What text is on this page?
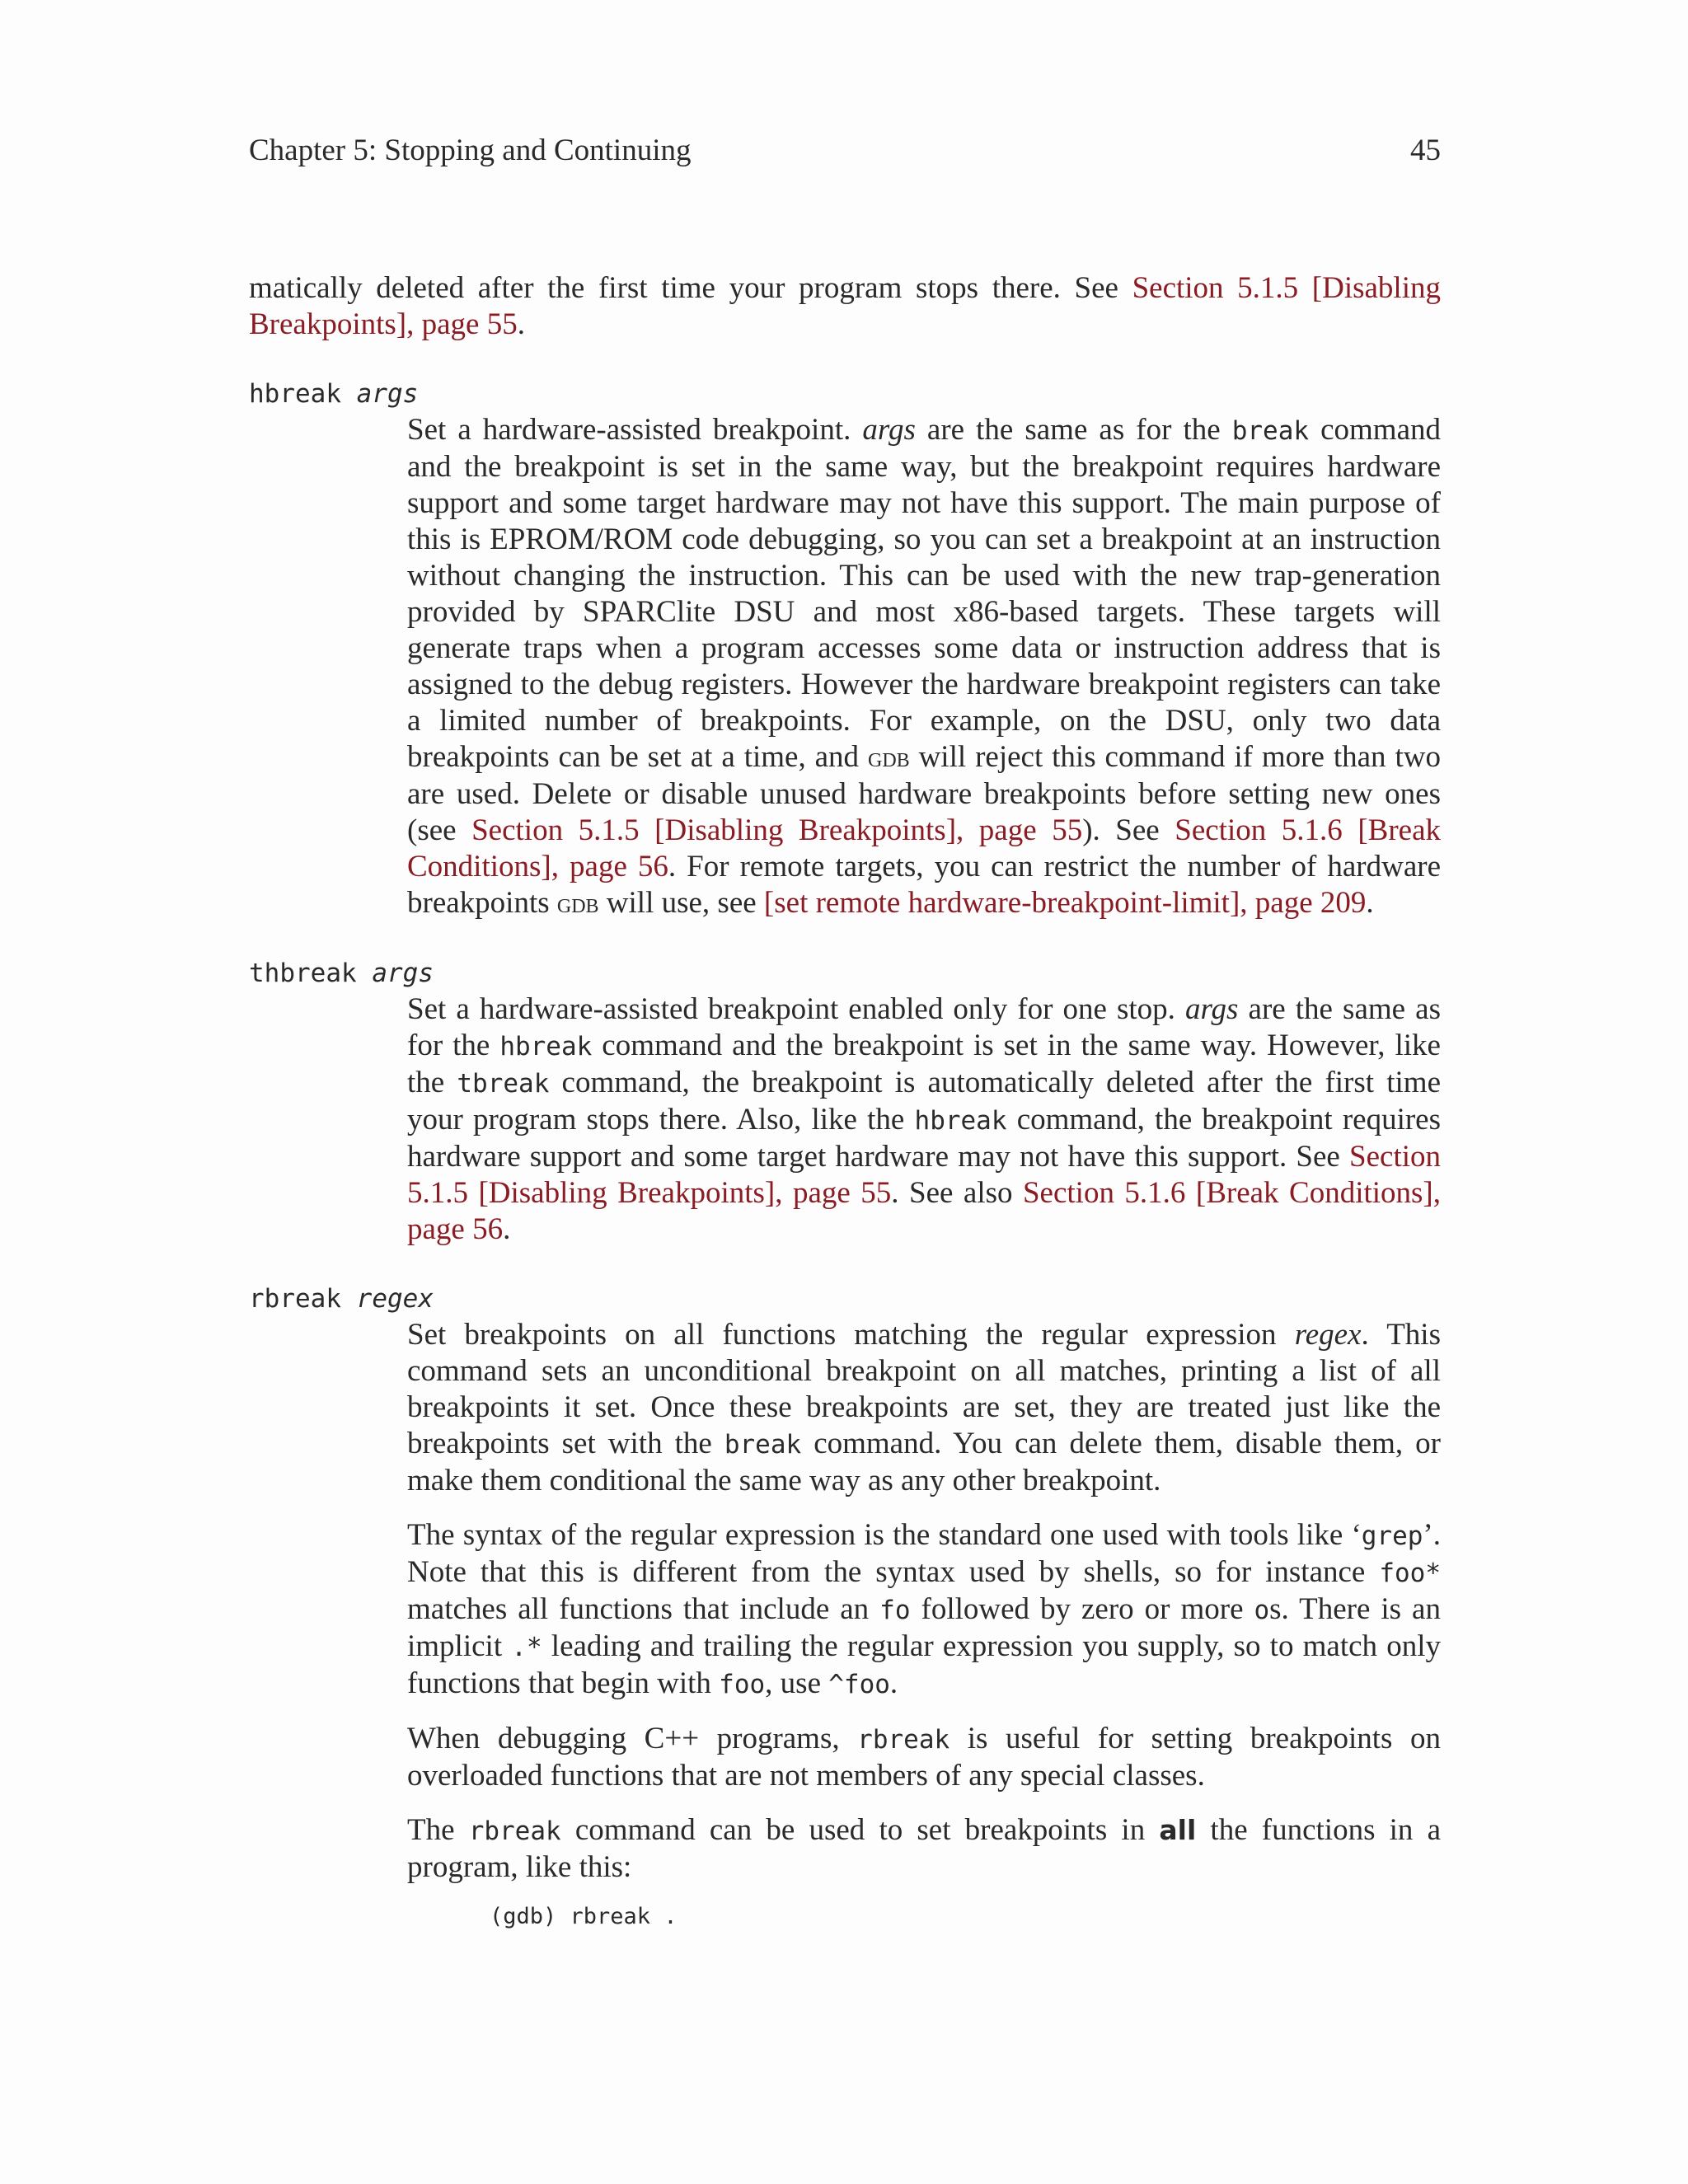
Chapter 5: Stopping and Continuing	45

matically deleted after the first time your program stops there. See Section 5.1.5 [Disabling Breakpoints], page 55.

hbreak args

Set a hardware-assisted breakpoint. args are the same as for the break command and the breakpoint is set in the same way, but the breakpoint requires hardware support and some target hardware may not have this support. The main purpose of this is EPROM/ROM code debugging, so you can set a breakpoint at an instruction without changing the instruction. This can be used with the new trap-generation provided by SPARClite DSU and most x86-based targets. These targets will generate traps when a program accesses some data or instruction address that is assigned to the debug registers. However the hardware breakpoint registers can take a limited number of breakpoints. For example, on the DSU, only two data breakpoints can be set at a time, and gdb will reject this command if more than two are used. Delete or disable unused hardware breakpoints before setting new ones (see Section 5.1.5 [Disabling Breakpoints], page 55). See Section 5.1.6 [Break Conditions], page 56. For remote targets, you can restrict the number of hardware breakpoints gdb will use, see [set remote hardware-breakpoint-limit], page 209.

thbreak args

Set a hardware-assisted breakpoint enabled only for one stop. args are the same as for the hbreak command and the breakpoint is set in the same way. However, like the tbreak command, the breakpoint is automatically deleted after the first time your program stops there. Also, like the hbreak command, the breakpoint requires hardware support and some target hardware may not have this support. See Section 5.1.5 [Disabling Breakpoints], page 55. See also Section 5.1.6 [Break Conditions], page 56.

rbreak regex

Set breakpoints on all functions matching the regular expression regex. This command sets an unconditional breakpoint on all matches, printing a list of all breakpoints it set. Once these breakpoints are set, they are treated just like the breakpoints set with the break command. You can delete them, disable them, or make them conditional the same way as any other breakpoint.

The syntax of the regular expression is the standard one used with tools like ‘grep’. Note that this is different from the syntax used by shells, so for instance foo* matches all functions that include an fo followed by zero or more os. There is an implicit .* leading and trailing the regular expression you supply, so to match only functions that begin with foo, use ^foo.

When debugging C++ programs, rbreak is useful for setting breakpoints on overloaded functions that are not members of any special classes.

The rbreak command can be used to set breakpoints in all the functions in a program, like this:

(gdb) rbreak .
